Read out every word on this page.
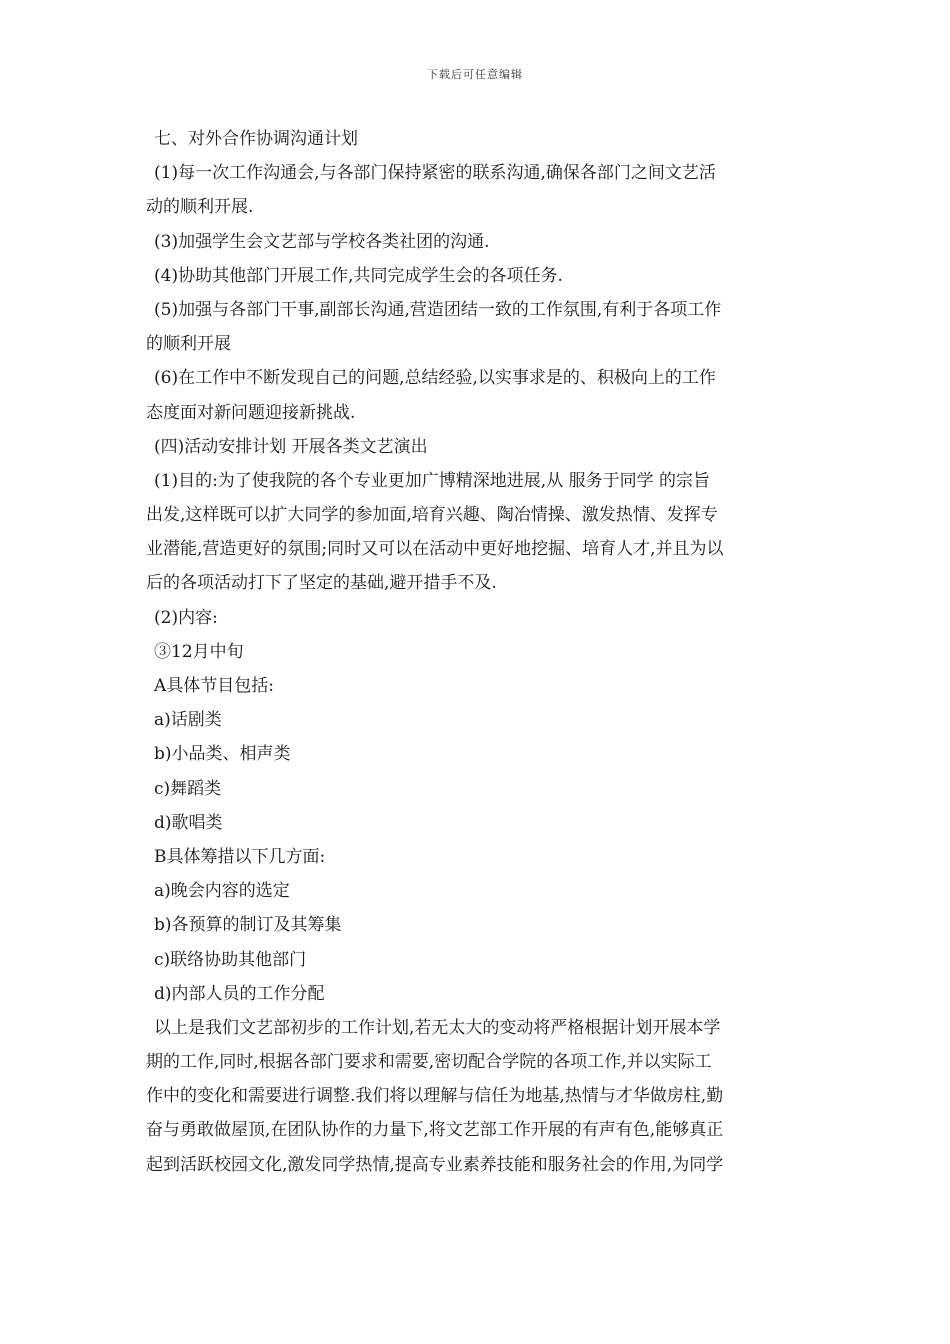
下载后可任意编辑
七、对外合作协调沟通计划
(1)每一次工作沟通会,与各部门保持紧密的联系沟通,确保各部门之间文艺活
动的顺利开展.
(3)加强学生会文艺部与学校各类社团的沟通.
(4)协助其他部门开展工作,共同完成学生会的各项任务.
(5)加强与各部门干事,副部长沟通,营造团结一致的工作氛围,有利于各项工作
的顺利开展
(6)在工作中不断发现自己的问题,总结经验,以实事求是的、积极向上的工作
态度面对新问题迎接新挑战.
(四)活动安排计划 开展各类文艺演出
(1)目的:为了使我院的各个专业更加广博精深地进展,从 服务于同学 的宗旨
出发,这样既可以扩大同学的参加面,培育兴趣、陶冶情操、激发热情、发挥专
业潜能,营造更好的氛围;同时又可以在活动中更好地挖掘、培育人才,并且为以
后的各项活动打下了坚定的基础,避开措手不及.
(2)内容:
③12月中旬
A具体节目包括:
a)话剧类
b)小品类、相声类
c)舞蹈类
d)歌唱类
B具体筹措以下几方面:
a)晚会内容的选定
b)各预算的制订及其筹集
c)联络协助其他部门
d)内部人员的工作分配
以上是我们文艺部初步的工作计划,若无太大的变动将严格根据计划开展本学
期的工作,同时,根据各部门要求和需要,密切配合学院的各项工作,并以实际工
作中的变化和需要进行调整.我们将以理解与信任为地基,热情与才华做房柱,勤
奋与勇敢做屋顶,在团队协作的力量下,将文艺部工作开展的有声有色,能够真正
起到活跃校园文化,激发同学热情,提高专业素养技能和服务社会的作用,为同学
